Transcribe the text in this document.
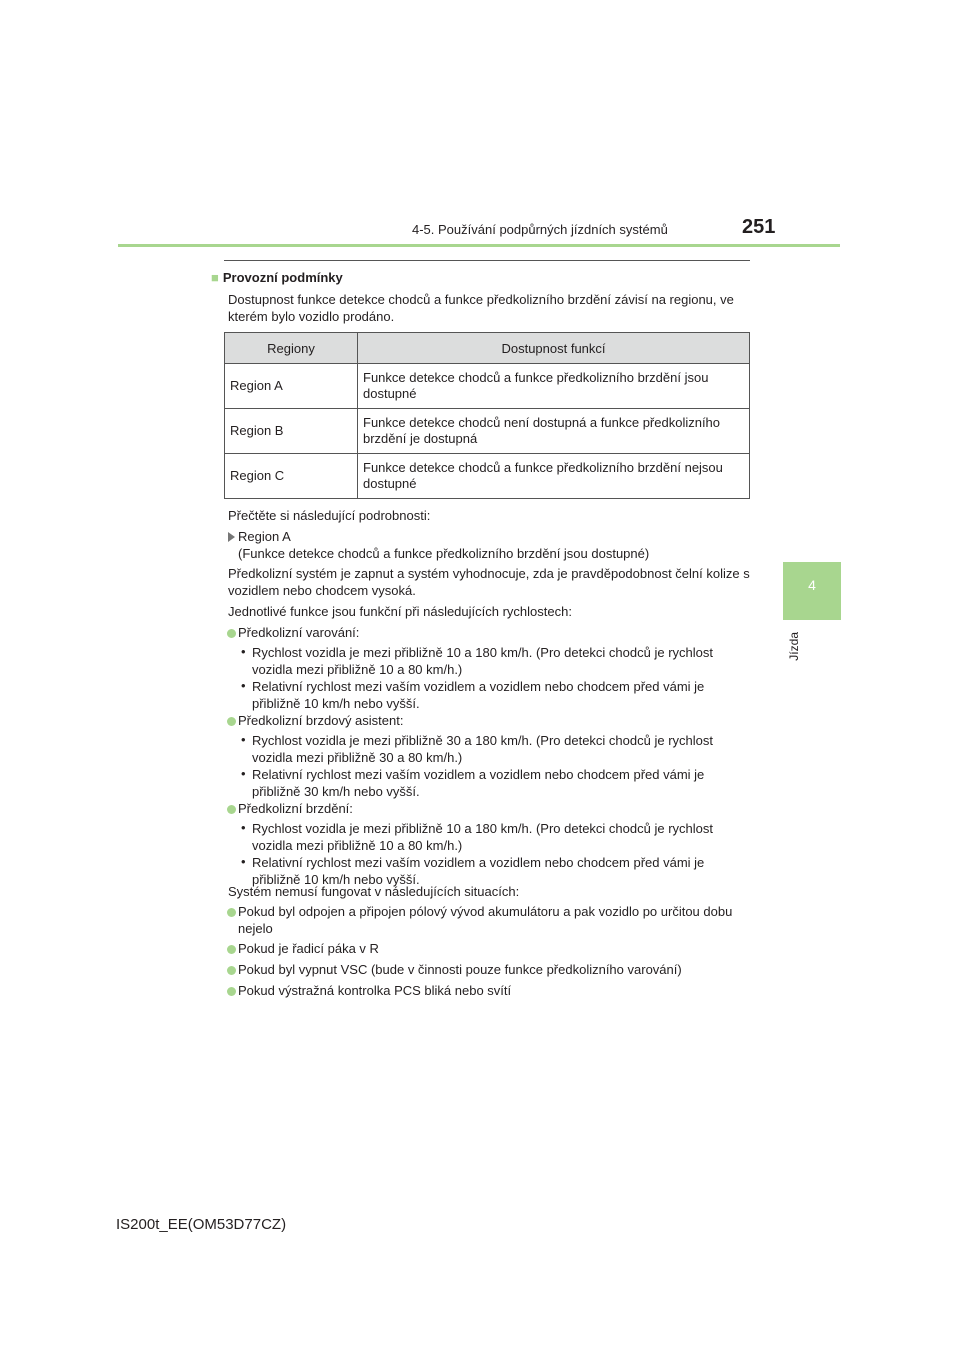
4-5. Používání podpůrných jízdních systémů	251
4
Jízda
■ Provozní podmínky
Dostupnost funkce detekce chodců a funkce předkolizního brzdění závisí na regionu, ve kterém bylo vozidlo prodáno.
Regiony	Dostupnost funkcí
Region A	Funkce detekce chodců a funkce předkolizního brzdění jsou dostupné
Region B	Funkce detekce chodců není dostupná a funkce předkolizního brzdění je dostupná
Region C	Funkce detekce chodců a funkce předkolizního brzdění nejsou dostupné
Přečtěte si následující podrobnosti:
Region A
(Funkce detekce chodců a funkce předkolizního brzdění jsou dostupné)
Předkolizní systém je zapnut a systém vyhodnocuje, zda je pravděpodobnost čelní kolize s vozidlem nebo chodcem vysoká.
Jednotlivé funkce jsou funkční při následujících rychlostech:
Předkolizní varování:
• Rychlost vozidla je mezi přibližně 10 a 180 km/h. (Pro detekci chodců je rychlost vozidla mezi přibližně 10 a 80 km/h.)
• Relativní rychlost mezi vaším vozidlem a vozidlem nebo chodcem před vámi je přibližně 10 km/h nebo vyšší.
Předkolizní brzdový asistent:
• Rychlost vozidla je mezi přibližně 30 a 180 km/h. (Pro detekci chodců je rychlost vozidla mezi přibližně 30 a 80 km/h.)
• Relativní rychlost mezi vaším vozidlem a vozidlem nebo chodcem před vámi je přibližně 30 km/h nebo vyšší.
Předkolizní brzdění:
• Rychlost vozidla je mezi přibližně 10 a 180 km/h. (Pro detekci chodců je rychlost vozidla mezi přibližně 10 a 80 km/h.)
• Relativní rychlost mezi vaším vozidlem a vozidlem nebo chodcem před vámi je přibližně 10 km/h nebo vyšší.
Systém nemusí fungovat v následujících situacích:
Pokud byl odpojen a připojen pólový vývod akumulátoru a pak vozidlo po určitou dobu nejelo
Pokud je řadicí páka v R
Pokud byl vypnut VSC (bude v činnosti pouze funkce předkolizního varování)
Pokud výstražná kontrolka PCS bliká nebo svítí
IS200t_EE(OM53D77CZ)
